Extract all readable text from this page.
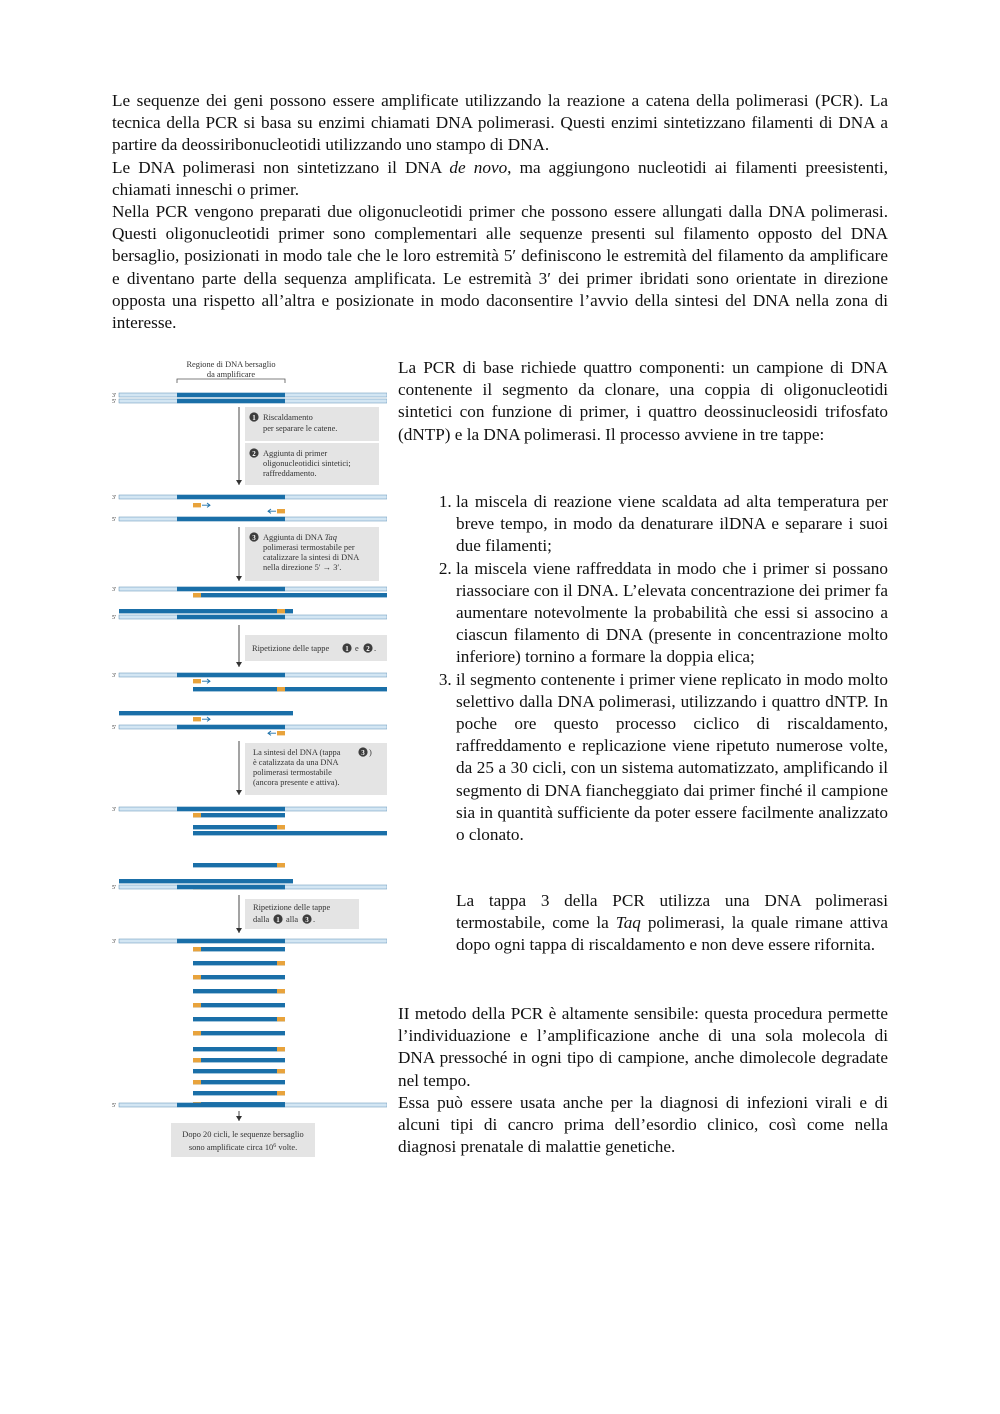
Le sequenze dei geni possono essere amplificate utilizzando la reazione a catena della polimerasi (PCR). La tecnica della PCR si basa su enzimi chiamati DNA polimerasi. Questi enzimi sintetizzano filamenti di DNA a partire da deossiribonucleotidi utilizzando uno stampo di DNA.
Le DNA polimerasi non sintetizzano il DNA de novo, ma aggiungono nucleotidi ai filamenti preesistenti, chiamati inneschi o primer.

Nella PCR vengono preparati due oligonucleotidi primer che possono essere allungati dalla DNA polimerasi. Questi oligonucleotidi primer sono complementari alle sequenze presenti sul filamento opposto del DNA bersaglio, posizionati in modo tale che le loro estremità 5′ definiscono le estremità del filamento da amplificare e diventano parte della sequenza amplificata. Le estremità 3′ dei primer ibridati sono orientate in direzione opposta una rispetto all’altra e posizionate in modo daconsentire l’avvio della sintesi del DNA nella zona di interesse.

Regione di DNA bersaglio
da amplificare
3′
5′
3′
5′
3′
5′
3′
5′
3′
5′
3′
5′
1 Riscaldamento
per separare le catene.
2 Aggiunta di primer
oligonucleotidici sintetici;
raffreddamento.
3 Aggiunta di DNA Taq
polimerasi termostabile per
catalizzare la sintesi di DNA
nella direzione 5′ → 3′.
Ripetizione delle tappe 1 e 2 .
La sintesi del DNA (tappa	3 )
è catalizzata da una DNA
polimerasi termostabile
(ancora presente e attiva).
Ripetizione delle tappe
dalla 1 alla 3 .
Dopo 20 cicli, le sequenze bersaglio
sono amplificate circa $10^6$ volte.

La PCR di base richiede quattro componenti: un campione di DNA contenente il segmento da clonare, una coppia di oligonucleotidi sintetici con funzione di primer, i quattro deossinucleosidi trifosfato (dNTP) e la DNA polimerasi. Il processo avviene in tre tappe:

1. la miscela di reazione viene scaldata ad alta temperatura per breve tempo, in modo da denaturare ilDNA e separare i suoi due filamenti;
2. la miscela viene raffreddata in modo che i primer si possano riassociare con il DNA. L’elevata concentrazione dei primer fa aumentare notevolmente la probabilità che essi si associno a ciascun filamento di DNA (presente in concentrazione molto inferiore) tornino a formare la doppia elica;
3. il segmento contenente i primer viene replicato in modo molto selettivo dalla DNA polimerasi, utilizzando i quattro dNTP. In poche ore questo processo ciclico di riscaldamento, raffreddamento e replicazione viene ripetuto numerose volte, da 25 a 30 cicli, con un sistema automatizzato, amplificando il segmento di DNA fiancheggiato dai primer finché il campione sia in quantità sufficiente da poter essere facilmente analizzato o clonato.

La tappa 3 della PCR utilizza una DNA polimerasi termostabile, come la Taq polimerasi, la quale rimane attiva dopo ogni tappa di riscaldamento e non deve essere rifornita.

II metodo della PCR è altamente sensibile: questa procedura permette l’individuazione e l’amplificazione anche di una sola molecola di DNA pressoché in ogni tipo di campione, anche dimolecole degradate nel tempo.

Essa può essere usata anche per la diagnosi di infezioni virali e di alcuni tipi di cancro prima dell’esordio clinico, così come nella diagnosi prenatale di malattie genetiche.
